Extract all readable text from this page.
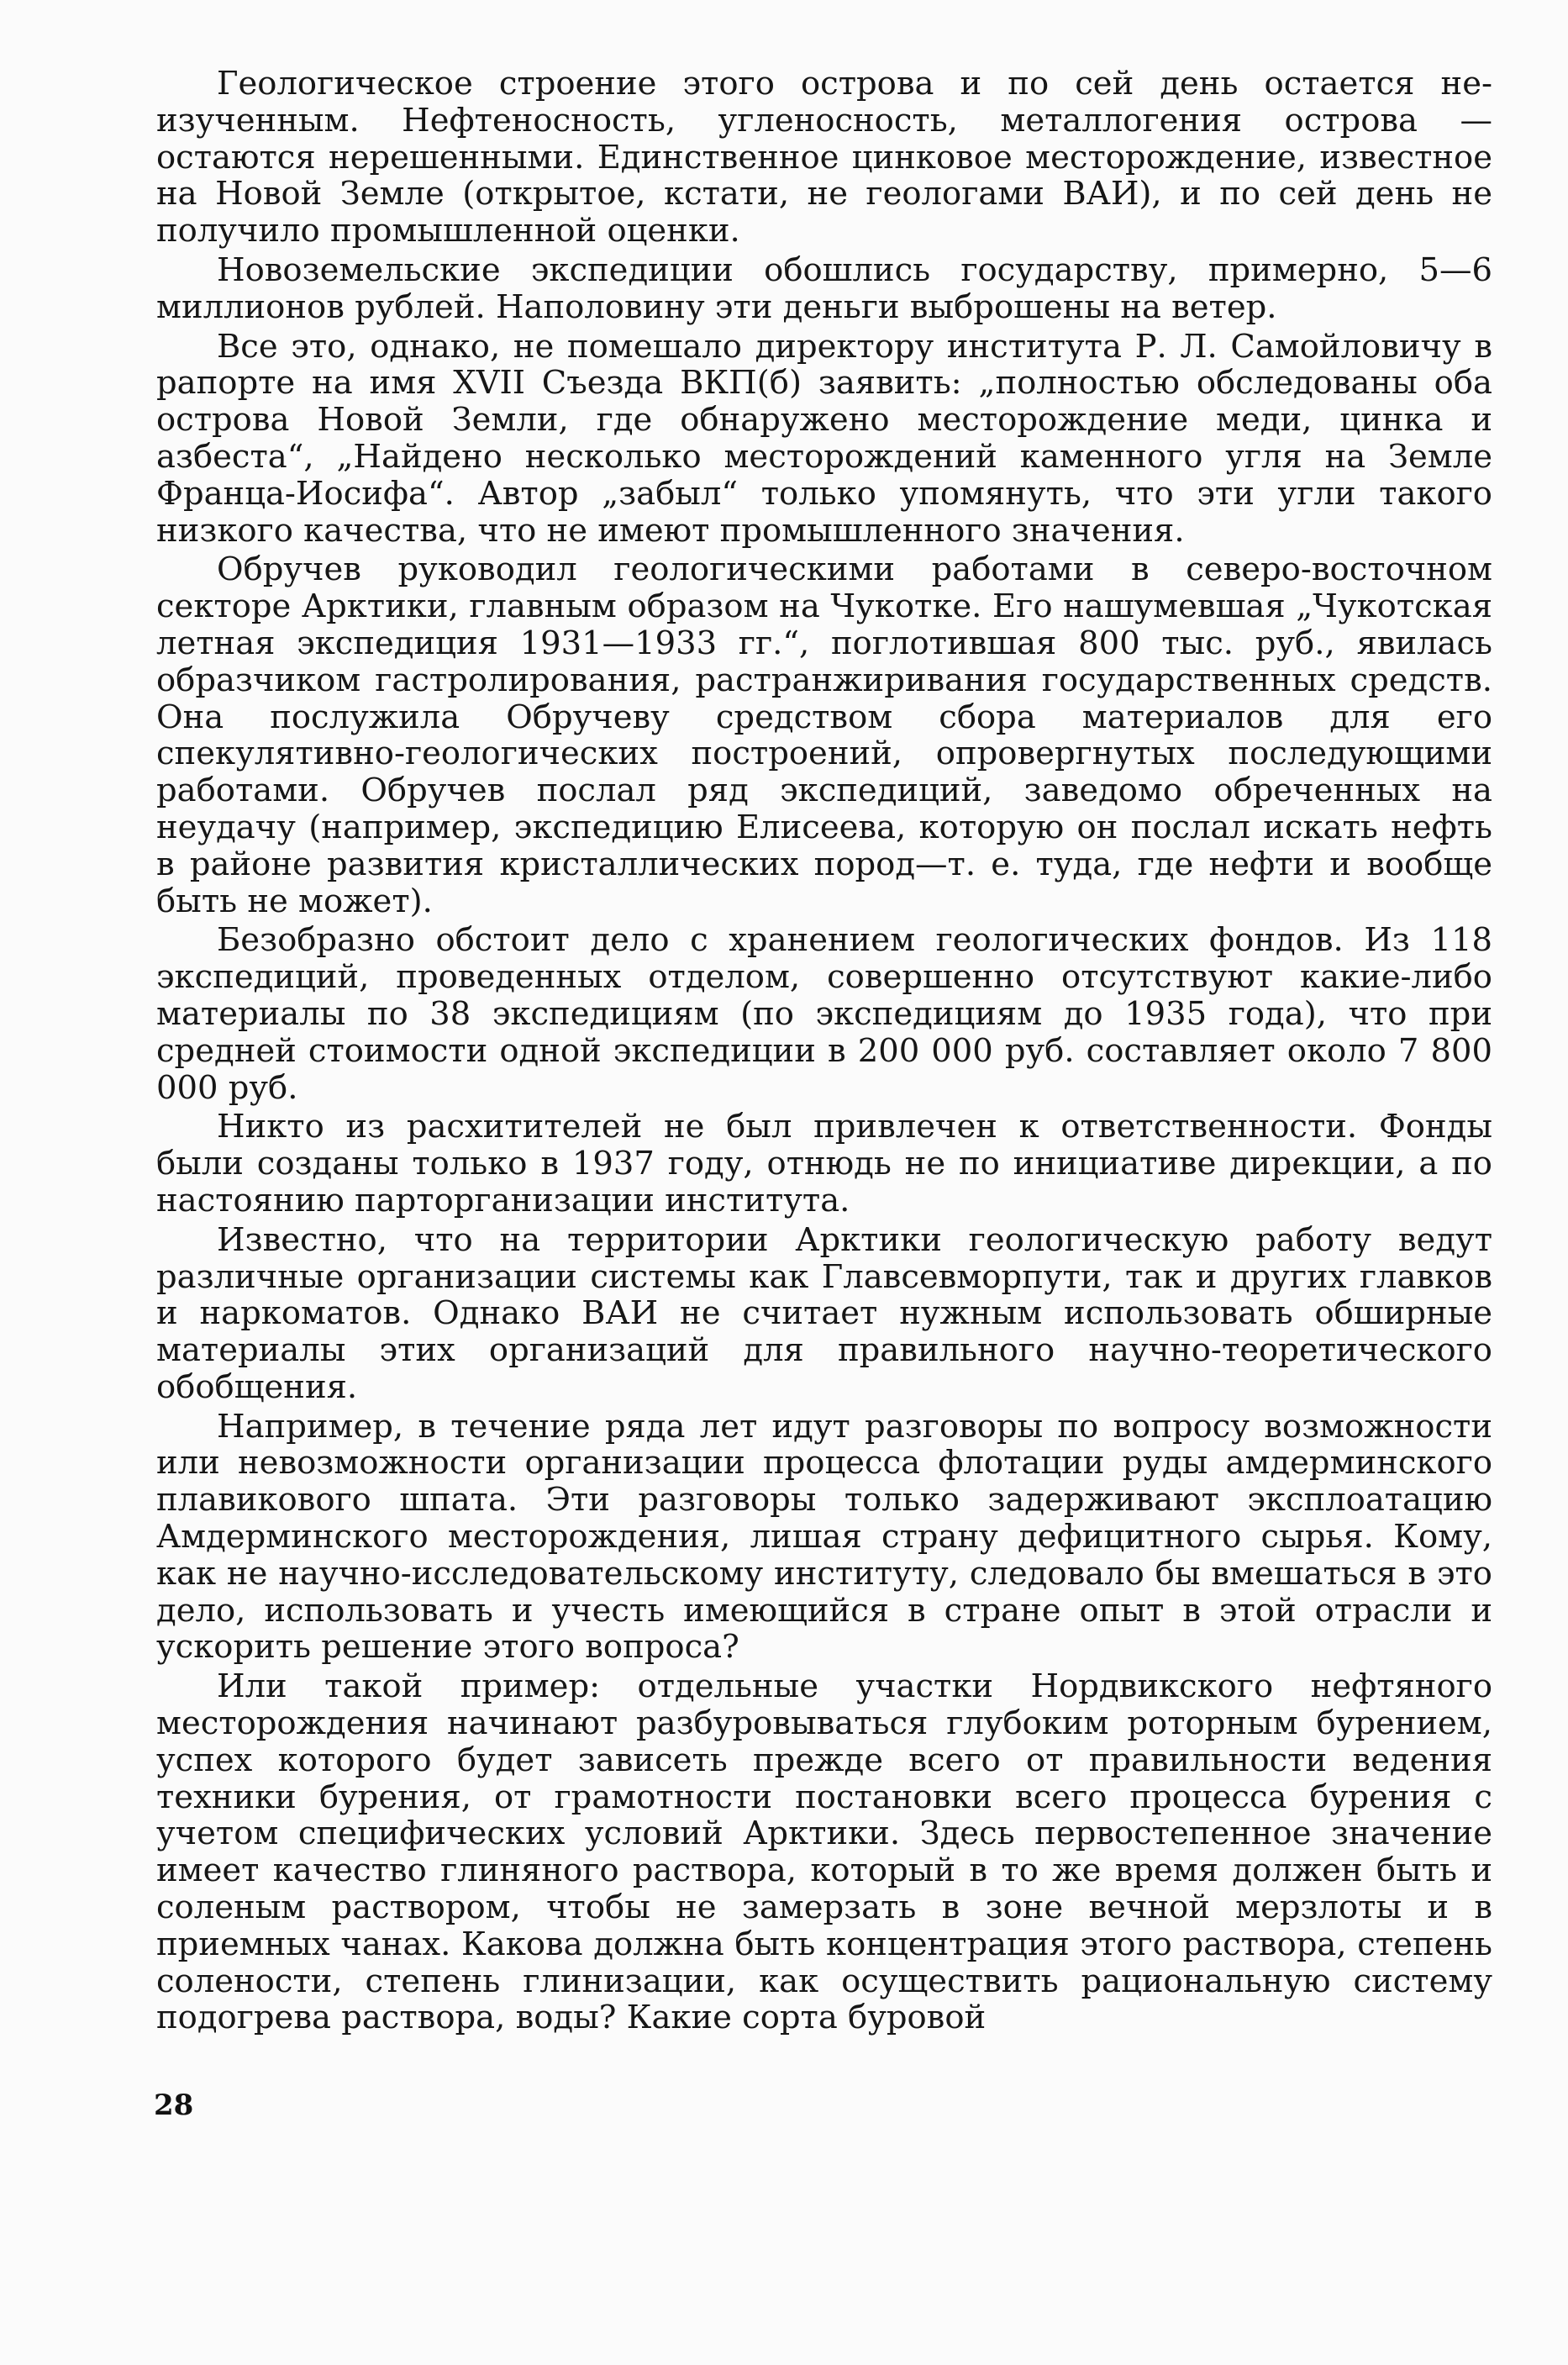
Геологическое строение этого острова и по сей день остается неизученным. Нефтеносность, угленосность, металлогения острова — остаются нерешенными. Единственное цинковое месторождение, известное на Новой Земле (открытое, кстати, не геологами ВАИ), и по сей день не получило промышленной оценки.

Новоземельские экспедиции обошлись государству, примерно, 5—6 миллионов рублей. Наполовину эти деньги выброшены на ветер.

Все это, однако, не помешало директору института Р. Л. Самойловичу в рапорте на имя XVII Съезда ВКП(б) заявить: „полностью обследованы оба острова Новой Земли, где обнаружено месторождение меди, цинка и азбеста“, „Найдено несколько месторождений каменного угля на Земле Франца-Иосифа“. Автор „забыл“ только упомянуть, что эти угли такого низкого качества, что не имеют промышленного значения.

Обручев руководил геологическими работами в северо-восточном секторе Арктики, главным образом на Чукотке. Его нашумевшая „Чукотская летная экспедиция 1931—1933 гг.“, поглотившая 800 тыс. руб., явилась образчиком гастролирования, растранжиривания государственных средств. Она послужила Обручеву средством сбора материалов для его спекулятивно-геологических построений, опровергнутых последующими работами. Обручев послал ряд экспедиций, заведомо обреченных на неудачу (например, экспедицию Елисеева, которую он послал искать нефть в районе развития кристаллических пород—т. е. туда, где нефти и вообще быть не может).

Безобразно обстоит дело с хранением геологических фондов. Из 118 экспедиций, проведенных отделом, совершенно отсутствуют какие-либо материалы по 38 экспедициям (по экспедициям до 1935 года), что при средней стоимости одной экспедиции в 200 000 руб. составляет около 7 800 000 руб.

Никто из расхитителей не был привлечен к ответственности. Фонды были созданы только в 1937 году, отнюдь не по инициативе дирекции, а по настоянию парторганизации института.

Известно, что на территории Арктики геологическую работу ведут различные организации системы как Главсевморпути, так и других главков и наркоматов. Однако ВАИ не считает нужным использовать обширные материалы этих организаций для правильного научно-теоретического обобщения.

Например, в течение ряда лет идут разговоры по вопросу возможности или невозможности организации процесса флотации руды амдерминского плавикового шпата. Эти разговоры только задерживают эксплоатацию Амдерминского месторождения, лишая страну дефицитного сырья. Кому, как не научно-исследовательскому институту, следовало бы вмешаться в это дело, использовать и учесть имеющийся в стране опыт в этой отрасли и ускорить решение этого вопроса?

Или такой пример: отдельные участки Нордвикского нефтяного месторождения начинают разбуровываться глубоким роторным бурением, успех которого будет зависеть прежде всего от правильности ведения техники бурения, от грамотности постановки всего процесса бурения с учетом специфических условий Арктики. Здесь первостепенное значение имеет качество глиняного раствора, который в то же время должен быть и соленым раствором, чтобы не замерзать в зоне вечной мерзлоты и в приемных чанах. Какова должна быть концентрация этого раствора, степень солености, степень глинизации, как осуществить рациональную систему подогрева раствора, воды? Какие сорта буровой

28
